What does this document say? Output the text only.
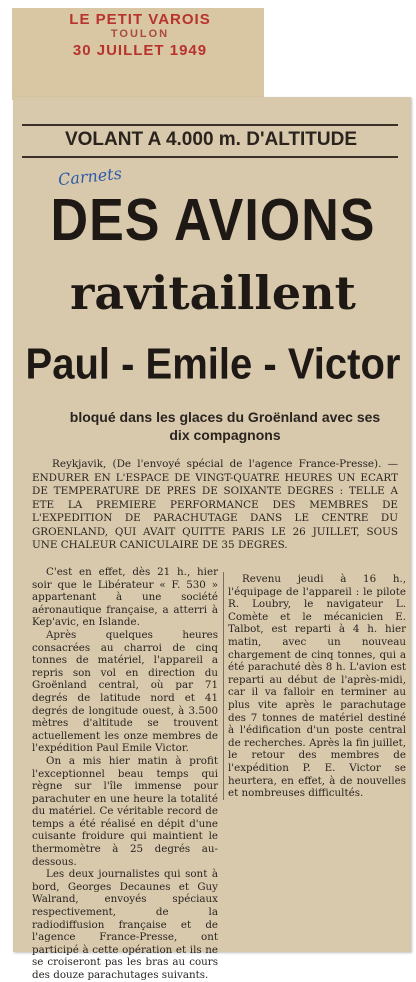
LE PETIT VAROIS
TOULON
30 JUILLET 1949
VOLANT A 4.000 m. D'ALTITUDE
Carnets
DES AVIONS
ravitaillent
Paul - Emile - Victor
bloqué dans les glaces du Groënland avec ses dix compagnons
Reykjavik, (De l'envoyé spécial de l'agence France-Presse). — ENDURER EN L'ESPACE DE VINGT-QUATRE HEURES UN ECART DE TEMPERATURE DE PRES DE SOIXANTE DEGRES : TELLE A ETE LA PREMIERE PERFORMANCE DES MEMBRES DE L'EXPEDITION DE PARACHUTAGE DANS LE CENTRE DU GROENLAND, QUI AVAIT QUITTE PARIS LE 26 JUILLET, SOUS UNE CHALEUR CANICULAIRE DE 35 DEGRES.

C'est en effet, dès 21 h., hier soir que le Libérateur « F. 530 » appartenant à une société aéronautique française, a atterri à Kep'avic, en Islande.

Après quelques heures consacrées au charroi de cinq tonnes de matériel, l'appareil a repris son vol en direction du Groënland central, où par 71 degrés de latitude nord et 41 degrés de longitude ouest, à 3.500 mètres d'altitude se trouvent actuellement les onze membres de l'expédition Paul Emile Victor.

On a mis hier matin à profit l'exceptionnel beau temps qui règne sur l'île immense pour parachuter en une heure la totalité du matériel. Ce véritable record de temps a été réalisé en dépit d'une cuisante froidure qui maintient le thermomètre à 25 degrés au-dessous.

Les deux journalistes qui sont à bord, Georges Decaunes et Guy Walrand, envoyés spéciaux respectivement, de la radiodiffusion française et de l'agence France-Presse, ont participé à cette opération et ils ne se croiseront pas les bras au cours des douze parachutages suivants.

Revenu jeudi à 16 h., l'équipage de l'appareil : le pilote R. Loubry, le navigateur L. Comète et le mécanicien E. Talbot, est reparti à 4 h. hier matin, avec un nouveau chargement de cinq tonnes, qui a été parachuté dès 8 h. L'avion est reparti au début de l'après-midi, car il va falloir en terminer au plus vite après le parachutage des 7 tonnes de matériel destiné à l'édification d'un poste central de recherches. Après la fin juillet, le retour des membres de l'expédition P. E. Victor se heurtera, en effet, à de nouvelles et nombreuses difficultés.
